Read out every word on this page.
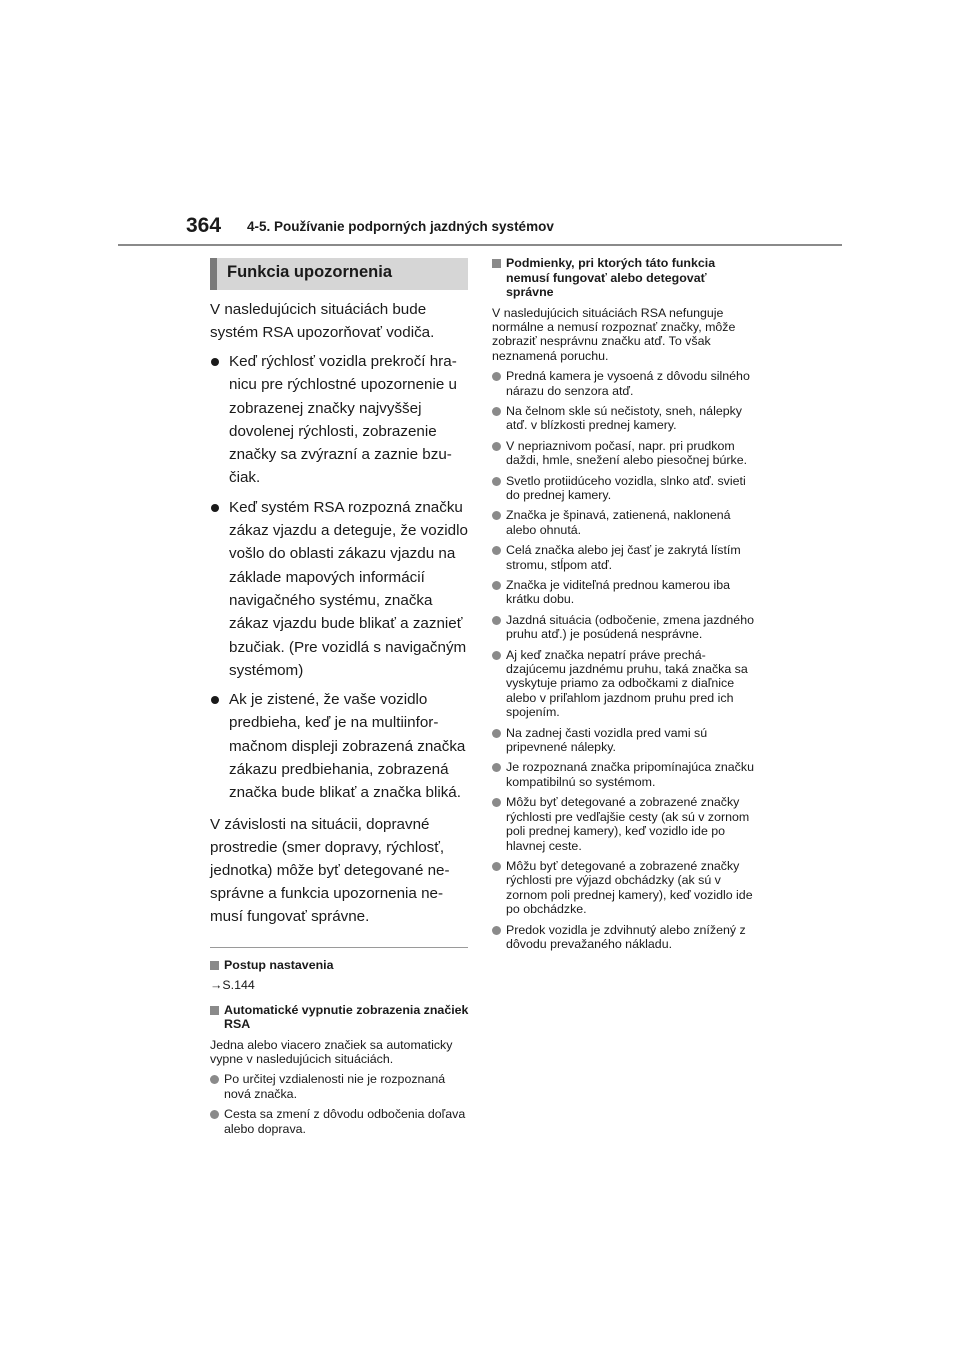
364 4-5. Používanie podporných jazdných systémov
Funkcia upozornenia
V nasledujúcich situáciách bude systém RSA upozorňovať vodiča.
Keď rýchlosť vozidla prekročí hranicu pre rýchlostné upozornenie u zobrazenej značky najvyššej dovolenej rýchlosti, zobrazenie značky sa zvýrazní a zaznie bzučiak.
Keď systém RSA rozpozná značku zákaz vjazdu a deteguje, že vozidlo vošlo do oblasti zákazu vjazdu na základe mapových informácií navigačného systému, značka zákaz vjazdu bude blikať a zaznieť bzučiak. (Pre vozidlá s navigačným systémom)
Ak je zistené, že vaše vozidlo predbieha, keď je na multiinformačnom displeji zobrazená značka zákazu predbiehania, zobrazená značka bude blikať a značka bliká.
V závislosti na situácii, dopravné prostredie (smer dopravy, rýchlosť, jednotka) môže byť detegované nesprávne a funkcia upozornenia nemusí fungovať správne.
Postup nastavenia
→S.144
Automatické vypnutie zobrazenia značiek RSA
Jedna alebo viacero značiek sa automaticky vypne v nasledujúcich situáciách.
Po určitej vzdialenosti nie je rozpoznaná nová značka.
Cesta sa zmení z dôvodu odbočenia doľava alebo doprava.
Podmienky, pri ktorých táto funkcia nemusí fungovať alebo detegovať správne
V nasledujúcich situáciách RSA nefunguje normálne a nemusí rozpoznať značky, môže zobraziť nesprávnu značku atď. To však neznamená poruchu.
Predná kamera je vysoená z dôvodu silného nárazu do senzora atď.
Na čelnom skle sú nečistoty, sneh, nálepky atď. v blízkosti prednej kamery.
V nepriaznivom počasí, napr. pri prudkom daždi, hmle, snežení alebo piesočnej búrke.
Svetlo protiidúceho vozidla, slnko atď. svieti do prednej kamery.
Značka je špinavá, zatienená, naklonená alebo ohnutá.
Celá značka alebo jej časť je zakrytá lístím stromu, stĺpom atď.
Značka je viditeľná prednou kamerou iba krátku dobu.
Jazdná situácia (odbočenie, zmena jazdného pruhu atď.) je posúdená nesprávne.
Aj keď značka nepatrí práve prechádzajúcemu jazdnému pruhu, taká značka sa vyskytuje priamo za odbočkami z diaľnice alebo v priľahlom jazdnom pruhu pred ich spojením.
Na zadnej časti vozidla pred vami sú pripevnené nálepky.
Je rozpoznaná značka pripomínajúca značku kompatibilnú so systémom.
Môžu byť detegované a zobrazené značky rýchlosti pre vedľajšie cesty (ak sú v zornom poli prednej kamery), keď vozidlo ide po hlavnej ceste.
Môžu byť detegované a zobrazené značky rýchlosti pre výjazd obchádzky (ak sú v zornom poli prednej kamery), keď vozidlo ide po obchádzke.
Predok vozidla je zdvihnutý alebo znížený z dôvodu prevažaného nákladu.
